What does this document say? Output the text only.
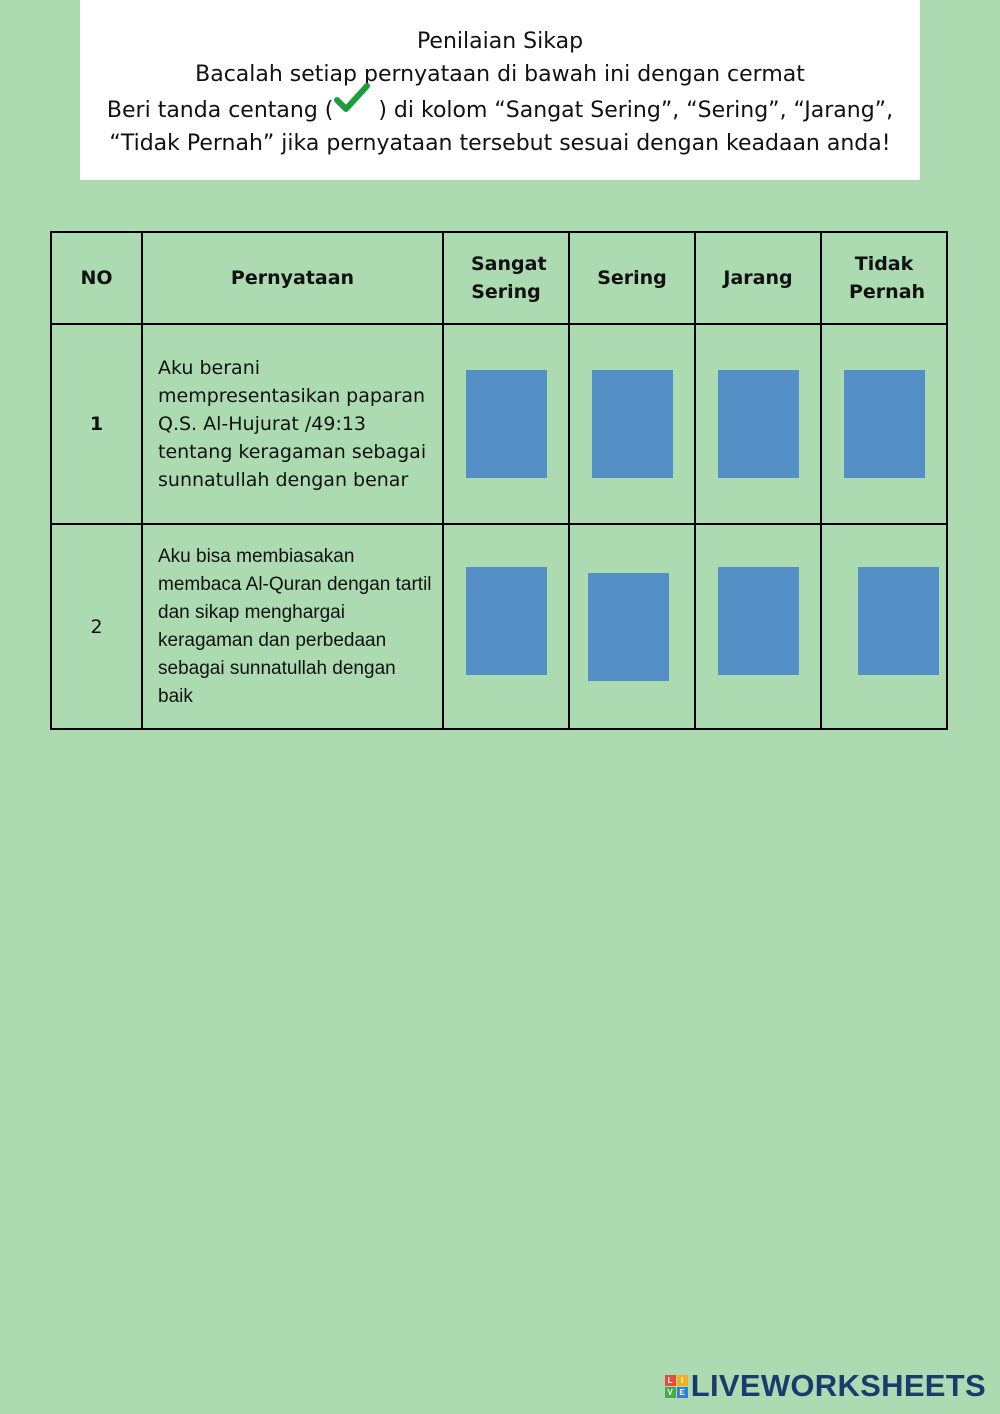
Penilaian Sikap
Bacalah setiap pernyataan di bawah ini dengan cermat
Beri tanda centang ( ) di kolom “Sangat Sering”, “Sering”, “Jarang”,
“Tidak Pernah” jika pernyataan tersebut sesuai dengan keadaan anda!
NO	Pernyataan	Sangat Sering	Sering	Jarang	Tidak Pernah

1	Aku berani mempresentasikan paparan Q.S. Al-Hujurat /49:13 tentang keragaman sebagai sunnatullah dengan benar	

2	Aku bisa membiasakan membaca Al-Quran dengan tartil dan sikap menghargai keragaman dan perbedaan sebagai sunnatullah dengan baik	

L	I
V E LIVEWORKSHEETS
